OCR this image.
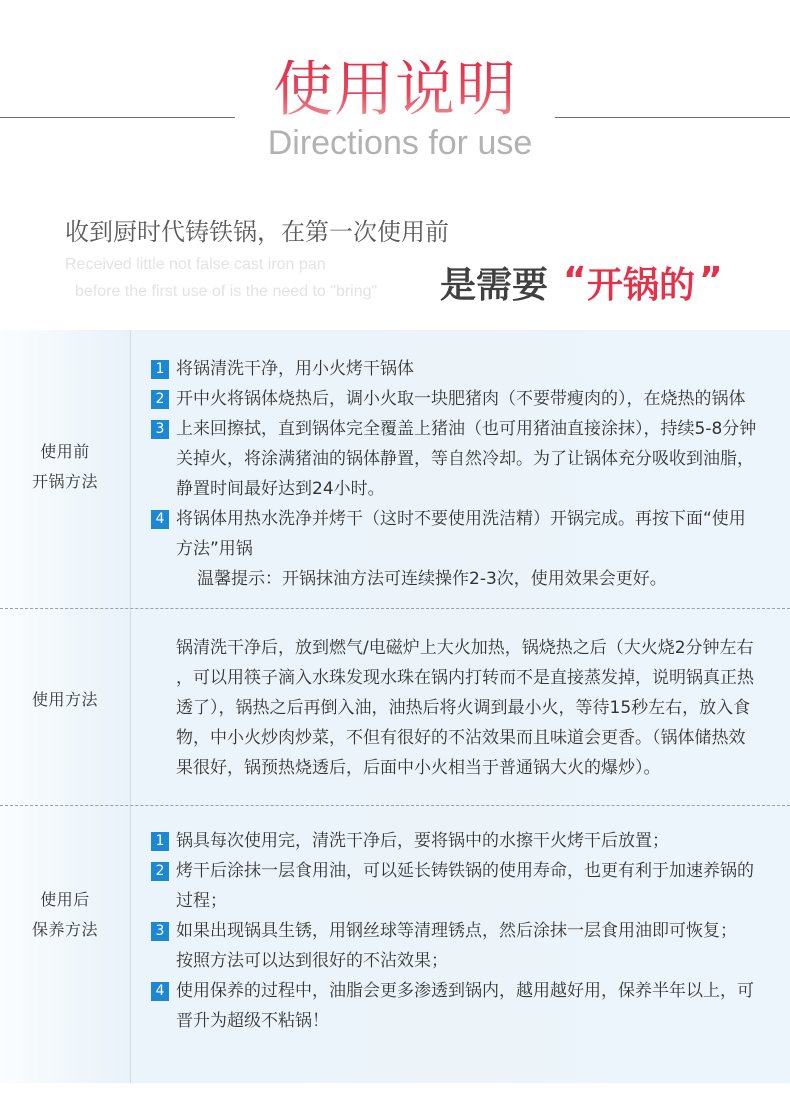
使用说明
Directions for use
收到厨时代铸铁锅，在第一次使用前
Received little not false cast iron pan
before the first use of is the need to "bring" 是需要 “ 开锅的 ”
使用前
开锅方法
1 将锅清洗干净，用小火烤干锅体
2 开中火将锅体烧热后，调小火取一块肥猪肉（不要带瘦肉的），在烧热的锅体
3 上来回擦拭，直到锅体完全覆盖上猪油（也可用猪油直接涂抹），持续5-8分钟
关掉火，将涂满猪油的锅体静置，等自然冷却。为了让锅体充分吸收到油脂，
静置时间最好达到24小时。
4 将锅体用热水洗净并烤干（这时不要使用洗洁精）开锅完成。再按下面“使用
方法”用锅
温馨提示：开锅抹油方法可连续操作2-3次，使用效果会更好。
使用方法
锅清洗干净后，放到燃气/电磁炉上大火加热，锅烧热之后（大火烧2分钟左右
，可以用筷子滴入水珠发现水珠在锅内打转而不是直接蒸发掉，说明锅真正热
透了），锅热之后再倒入油，油热后将火调到最小火，等待15秒左右，放入食
物，中小火炒肉炒菜，不但有很好的不沾效果而且味道会更香。（锅体储热效
果很好，锅预热烧透后，后面中小火相当于普通锅大火的爆炒）。
使用后
保养方法
1 锅具每次使用完，清洗干净后，要将锅中的水擦干火烤干后放置；
2 烤干后涂抹一层食用油，可以延长铸铁锅的使用寿命，也更有利于加速养锅的
过程；
3 如果出现锅具生锈，用钢丝球等清理锈点，然后涂抹一层食用油即可恢复；
按照方法可以达到很好的不沾效果；
4 使用保养的过程中，油脂会更多渗透到锅内，越用越好用，保养半年以上，可
晋升为超级不粘锅！
